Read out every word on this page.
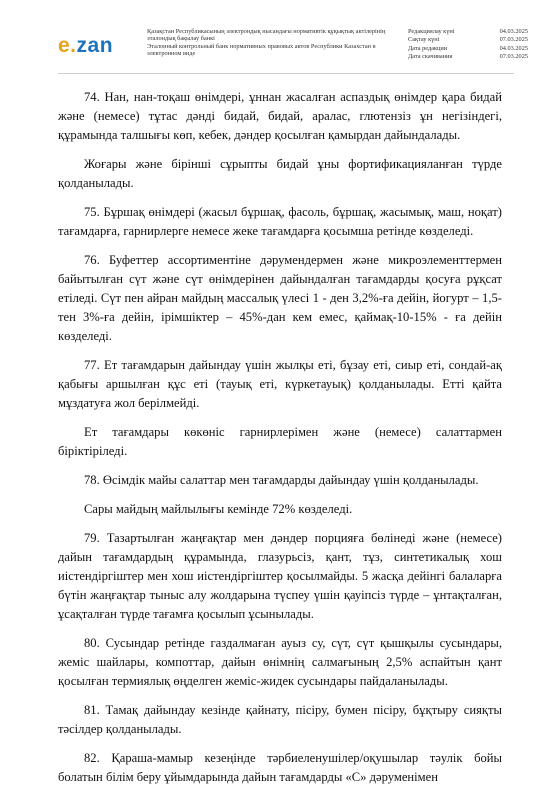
e.zan
Қазақстан Республикасының электрондық нысандағы нормативтік құқықтық актілерінің эталондық бақылау банкі
Эталонный контрольный банк нормативных правовых актов Республики Казахстан в электронном виде
Редакциялау күні	04.03.2025
Сақтау күні	07.03.2025
Дата редакции	04.03.2025
Дата скачивания	07.03.2025

74. Нан, нан-тоқаш өнімдері, ұннан жасалған аспаздық өнімдер қара бидай және (немесе) тұтас дәнді бидай, бидай, аралас, глютензіз ұн негізіндегі, құрамында талшығы көп, кебек, дәндер қосылған қамырдан дайындалады.

Жоғары және бірінші сұрыпты бидай ұны фортификацияланған түрде қолданылады.

75. Бұршақ өнімдері (жасыл бұршақ, фасоль, бұршақ, жасымық, маш, ноқат) тағамдарға, гарнирлерге немесе жеке тағамдарға қосымша ретінде көзделеді.

76. Буфеттер ассортиментіне дәрумендермен және микроэлементтермен байытылған сүт және сүт өнімдерінен дайындалған тағамдарды қосуға рұқсат етіледі. Сүт пен айран майдың массалық үлесі 1 - ден 3,2%-ға дейін, йогурт – 1,5-тен 3%-ға дейін, ірімшіктер – 45%-дан кем емес, қаймақ-10-15% - ға дейін көзделеді.

77. Ет тағамдарын дайындау үшін жылқы еті, бұзау еті, сиыр еті, сондай-ақ қабығы аршылған құс еті (тауық еті, күркетауық) қолданылады. Етті қайта мұздатуға жол берілмейді.

Ет тағамдары көкөніс гарнирлерімен және (немесе) салаттармен біріктіріледі.

78. Өсімдік майы салаттар мен тағамдарды дайындау үшін қолданылады.

Сары майдың майлылығы кемінде 72% көзделеді.

79. Тазартылған жаңғақтар мен дәндер порцияға бөлінеді және (немесе) дайын тағамдардың құрамында, глазурьсіз, қант, тұз, синтетикалық хош иістендіргіштер мен хош иістендіргіштер қосылмайды. 5 жасқа дейінгі балаларға бүтін жаңғақтар тыныс алу жолдарына түспеу үшін қауіпсіз түрде – ұнтақталған, ұсақталған түрде тағамға қосылып ұсынылады.

80. Сусындар ретінде газдалмаған ауыз су, сүт, сүт қышқылы сусындары, жеміс шайлары, компоттар, дайын өнімнің салмағының 2,5% аспайтын қант қосылған термиялық өңделген жеміс-жидек сусындары пайдаланылады.

81. Тамақ дайындау кезінде қайнату, пісіру, бумен пісіру, бұқтыру сияқты тәсілдер қолданылады.

82. Қараша-мамыр кезеңінде тәрбиеленушілер/оқушылар тәулік бойы болатын білім беру ұйымдарында дайын тағамдарды «С» дәруменімен
